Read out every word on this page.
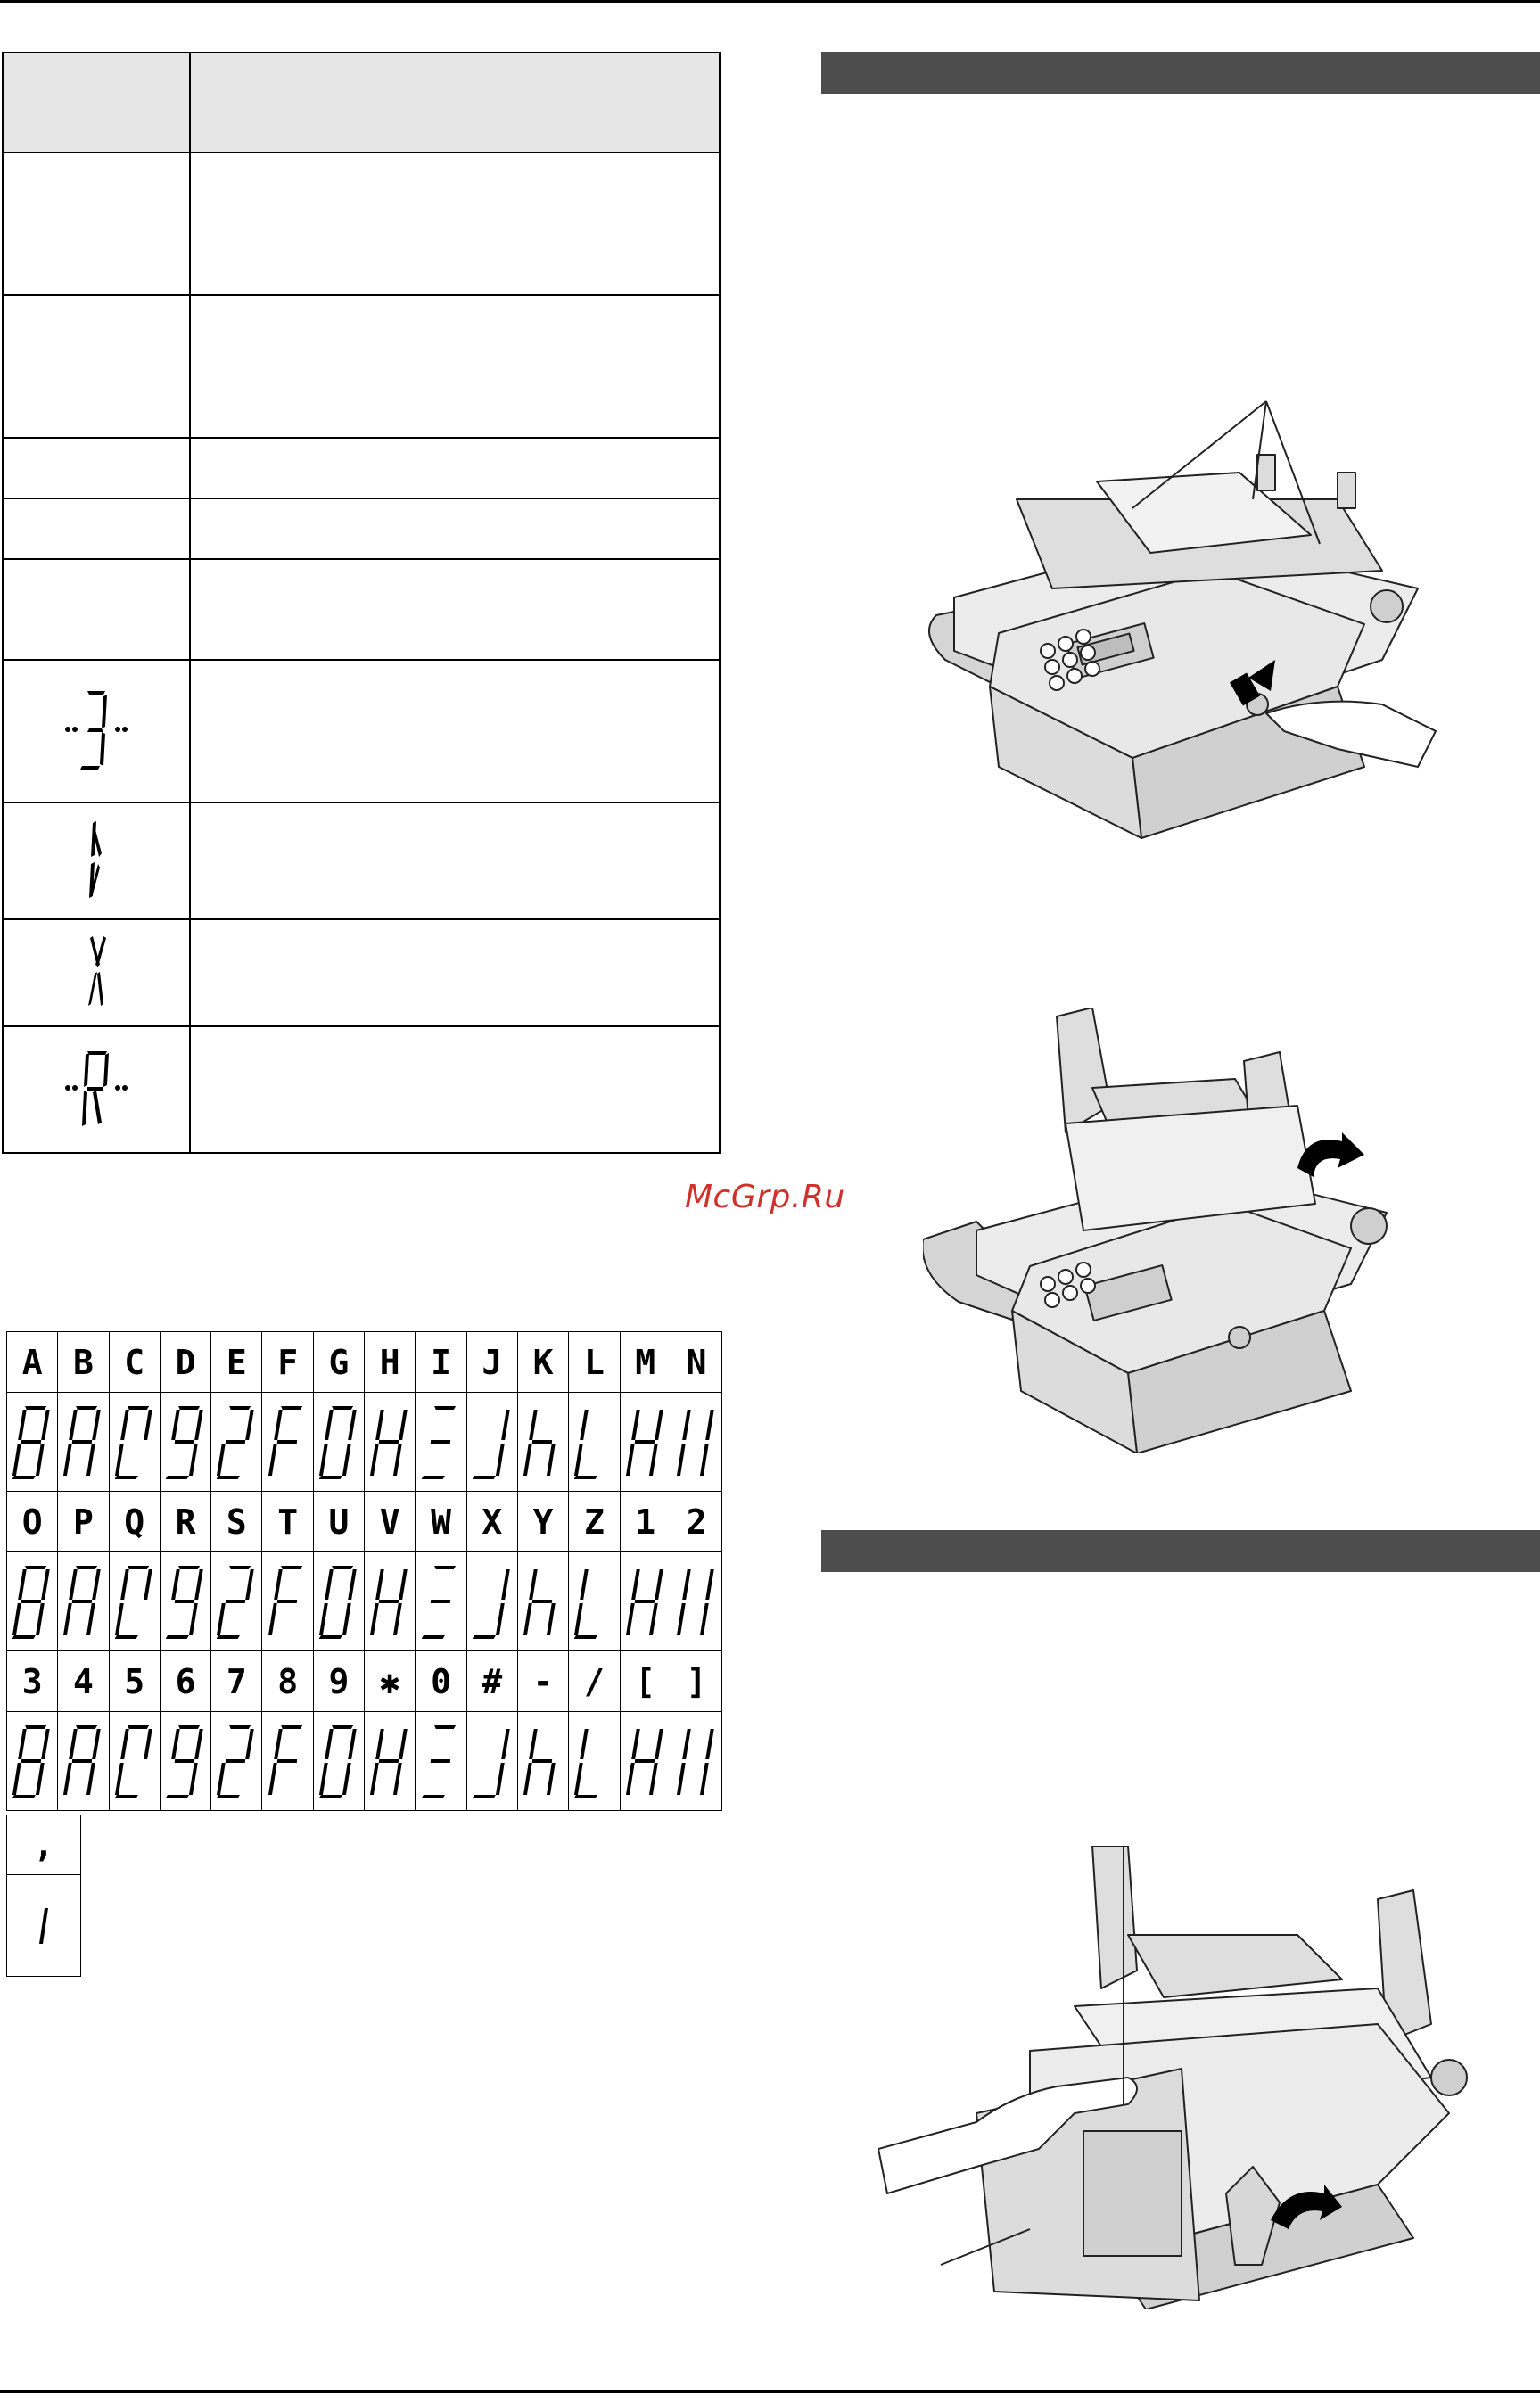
McGrp.Ru
A	B	C	D	E	F	G	H	I	J	K	L	M	N

O	P	Q	R	S	T	U	V	W	X	Y	Z	1	2

3	4	5	6	7	8	9	✱	0	#	-	/	[	]

,
